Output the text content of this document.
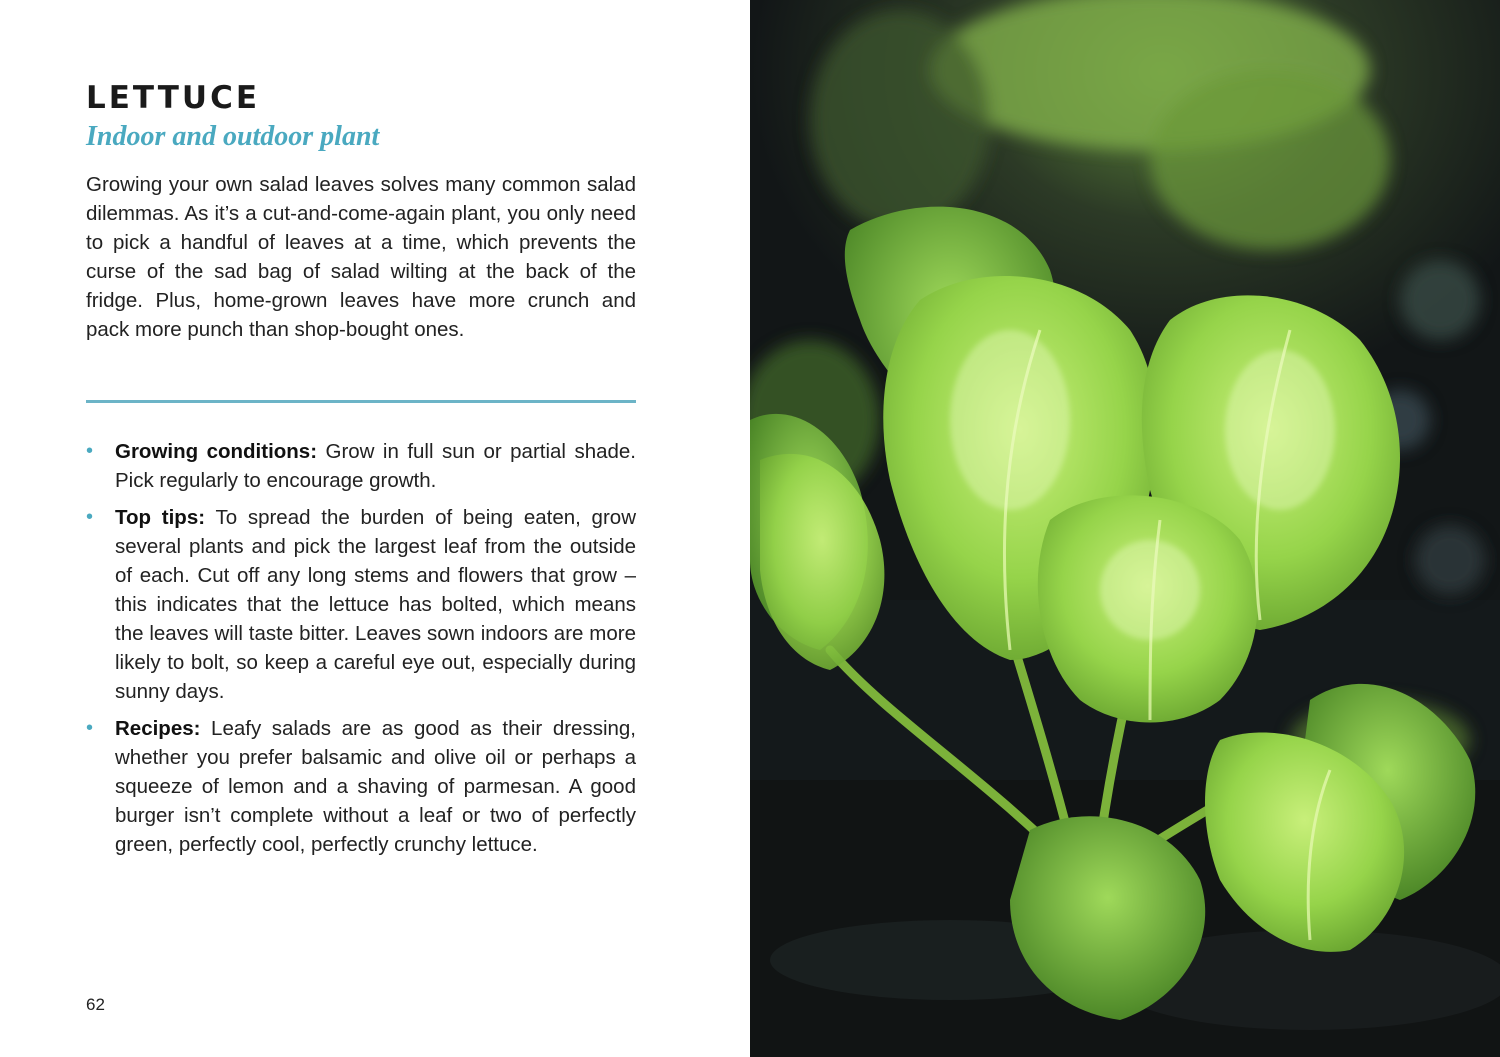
LETTUCE
Indoor and outdoor plant

Growing your own salad leaves solves many common salad dilemmas. As it’s a cut-and-come-again plant, you only need to pick a handful of leaves at a time, which prevents the curse of the sad bag of salad wilting at the back of the fridge. Plus, home-grown leaves have more crunch and pack more punch than shop-bought ones.

• Growing conditions: Grow in full sun or partial shade. Pick regularly to encourage growth.
• Top tips: To spread the burden of being eaten, grow several plants and pick the largest leaf from the outside of each. Cut off any long stems and flowers that grow – this indicates that the lettuce has bolted, which means the leaves will taste bitter. Leaves sown indoors are more likely to bolt, so keep a careful eye out, especially during sunny days.
• Recipes: Leafy salads are as good as their dressing, whether you prefer balsamic and olive oil or perhaps a squeeze of lemon and a shaving of parmesan. A good burger isn’t complete without a leaf or two of perfectly green, perfectly cool, perfectly crunchy lettuce.

62
